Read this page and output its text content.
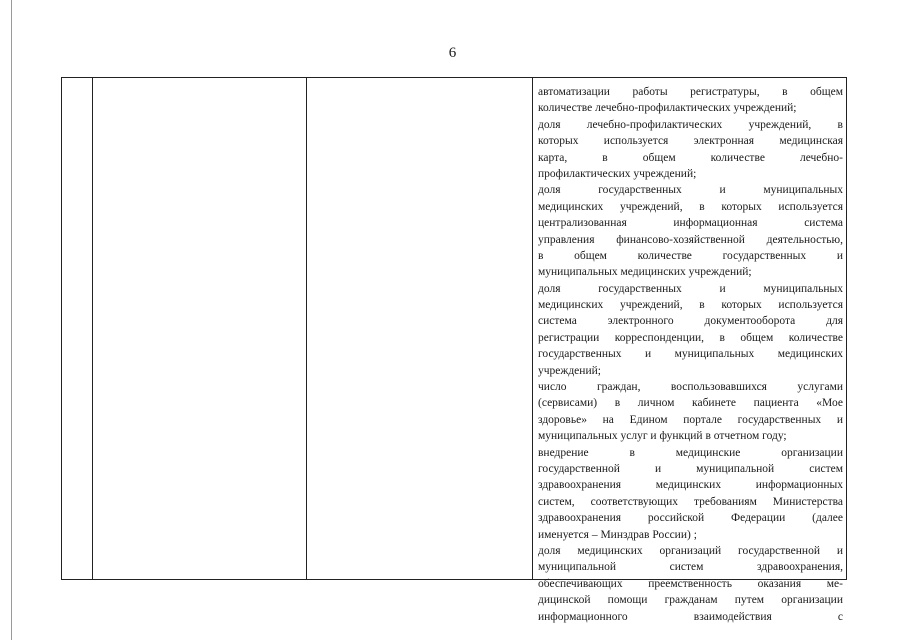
6
автоматизации работы регистратуры, в общем
количестве лечебно-профилактических учреждений;
доля лечебно-профилактических учреждений, в
которых используется электронная медицинская
карта, в общем количестве лечебно-
профилактических учреждений;
доля государственных и муниципальных
медицинских учреждений, в которых используется
централизованная информационная система
управления финансово-хозяйственной деятельностью,
в общем количестве государственных и
муниципальных медицинских учреждений;
доля государственных и муниципальных
медицинских учреждений, в которых используется
система электронного документооборота для
регистрации корреспонденции, в общем количестве
государственных и муниципальных медицинских
учреждений;
число граждан, воспользовавшихся услугами
(сервисами) в личном кабинете пациента «Мое
здоровье» на Едином портале государственных и
муниципальных услуг и функций в отчетном году;
внедрение в медицинские организации
государственной и муниципальной систем
здравоохранения медицинских информационных
систем, соответствующих требованиям Министерства
здравоохранения российской Федерации (далее
именуется – Минздрав России) ;
доля медицинских организаций государственной и
муниципальной систем здравоохранения,
обеспечивающих преемственность оказания ме-
дицинской помощи гражданам путем организации
информационного взаимодействия с
